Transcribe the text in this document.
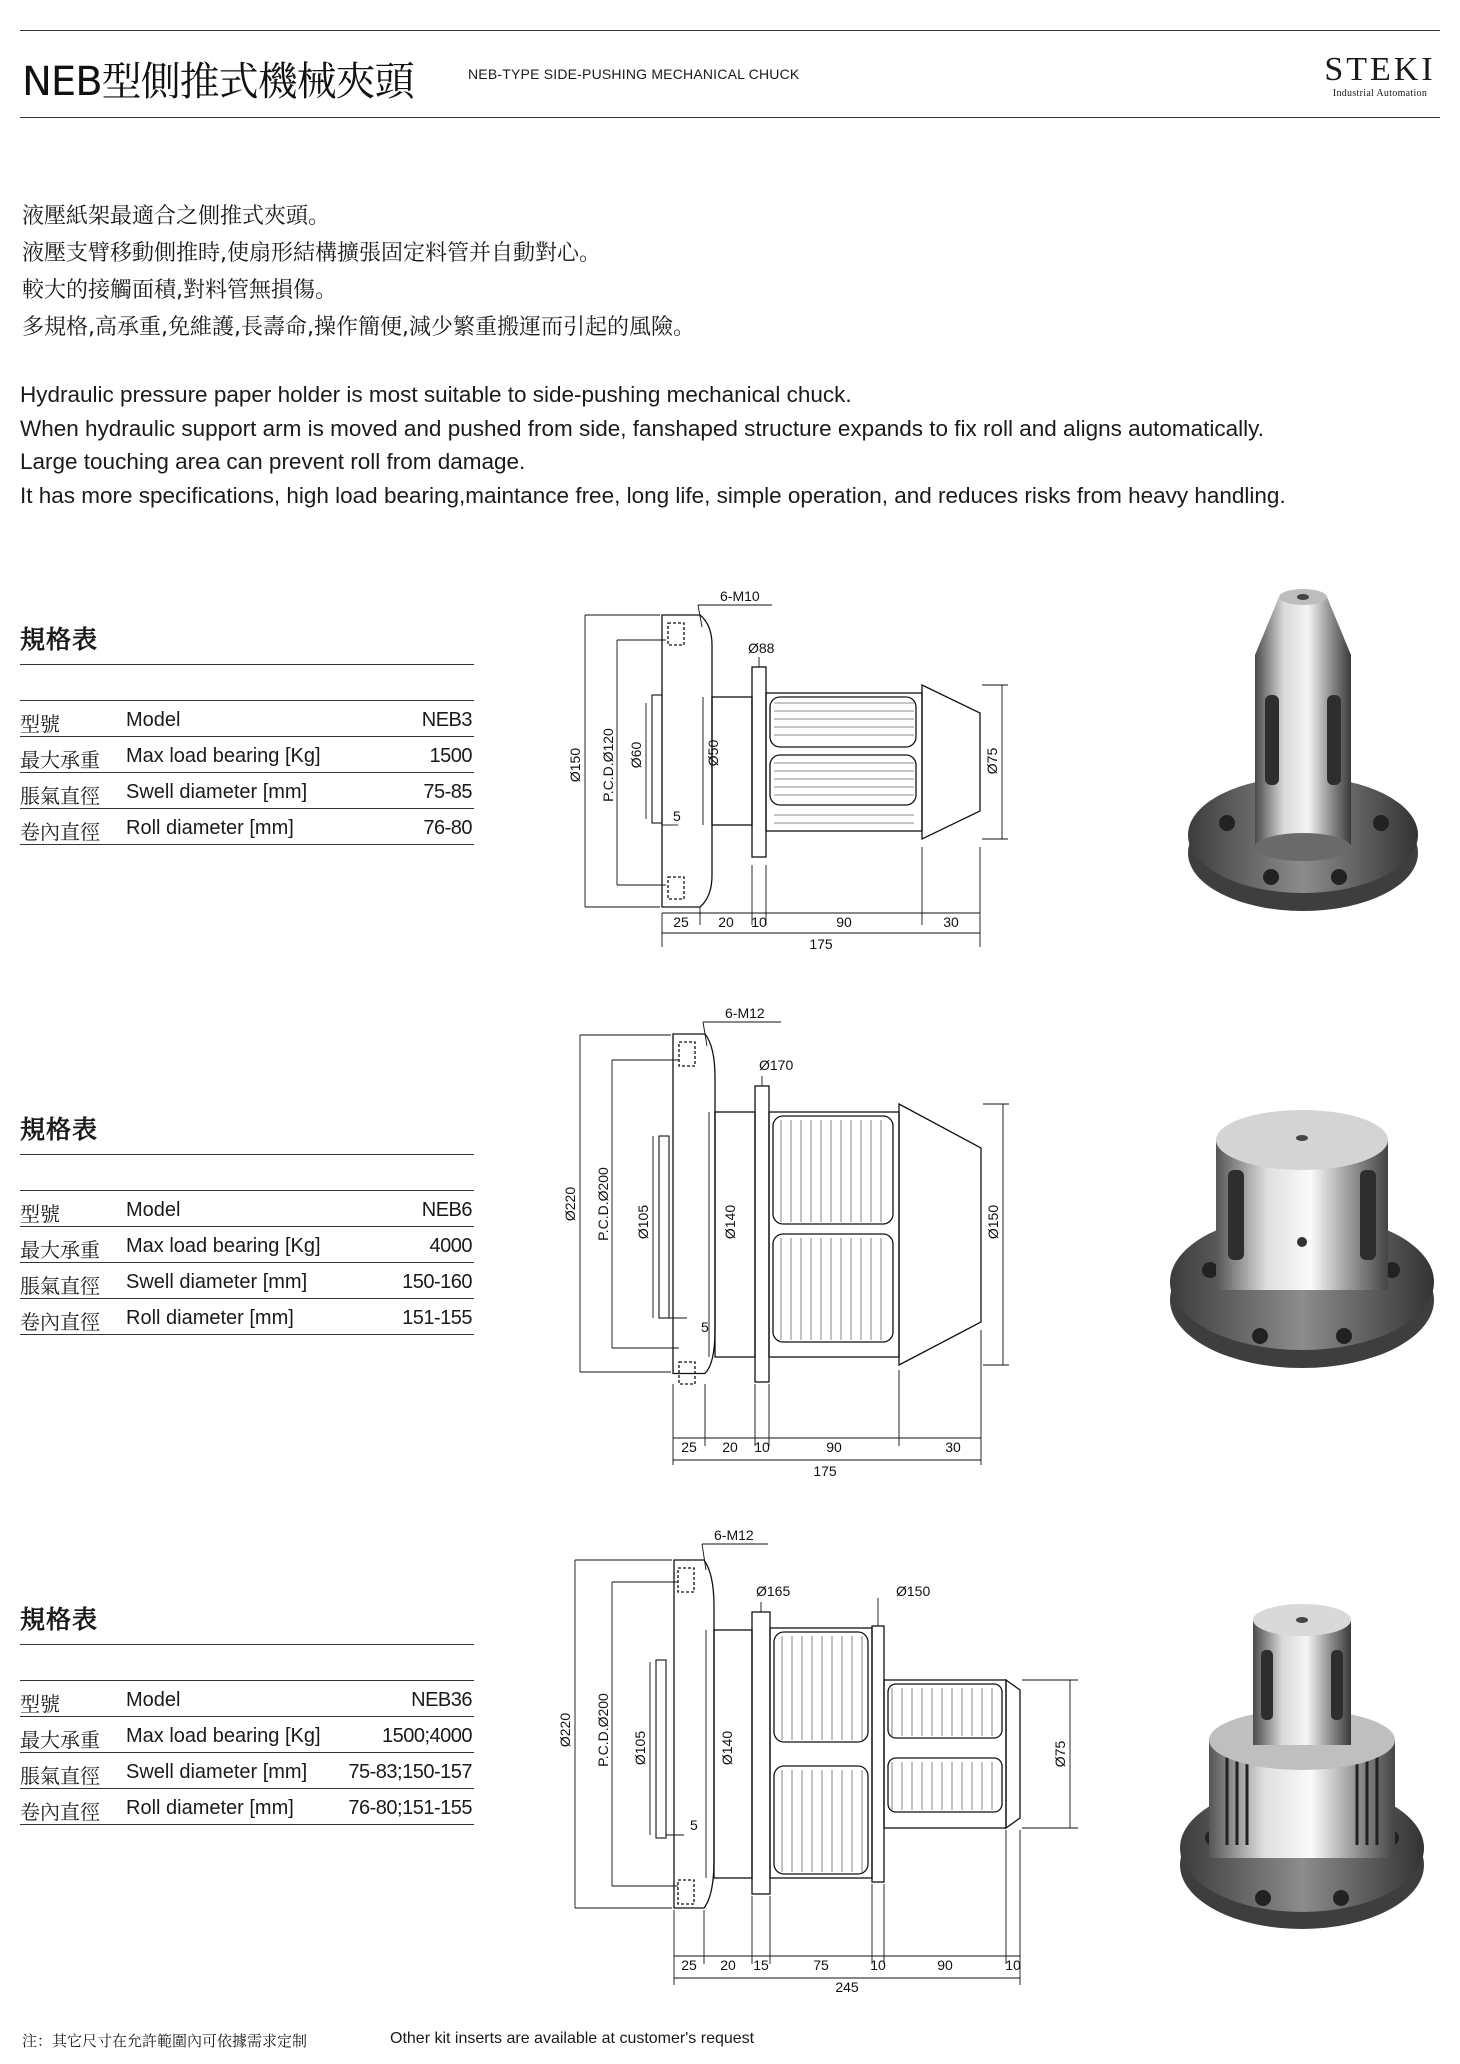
NEB型側推式機械夾頭	NEB-TYPE SIDE-PUSHING MECHANICAL CHUCK	STEKI
Industrial Automation
液壓紙架最適合之側推式夾頭。
液壓支臂移動側推時,使扇形結構擴張固定料管并自動對心。
較大的接觸面積,對料管無損傷。
多規格,高承重,免維護,長壽命,操作簡便,減少繁重搬運而引起的風險。
Hydraulic pressure paper holder is most suitable to side-pushing mechanical chuck.
When hydraulic support arm is moved and pushed from side, fanshaped structure expands to fix roll and aligns automatically.
Large touching area can prevent roll from damage.
It has more specifications, high load bearing,maintance free, long life, simple operation, and reduces risks from heavy handling.
規格表
型號	Model	NEB3
最大承重 Max load bearing [Kg]	1500
脹氣直徑 Swell diameter [mm]	75-85
卷內直徑 Roll diameter [mm]	76-80
規格表
型號	Model	NEB6
最大承重 Max load bearing [Kg]	4000
脹氣直徑 Swell diameter [mm]	150-160
卷內直徑 Roll diameter [mm]	151-155
規格表
型號	Model	NEB36
最大承重 Max load bearing [Kg]	1500;4000
脹氣直徑 Swell diameter [mm] 75-83;150-157
卷內直徑 Roll diameter [mm]	76-80;151-155
Ø150 P.C.D.Ø120 Ø60	Ø50	Ø75
5
6-M10
Ø88
25 20 10	90	30
175
Ø220 P.C.D.Ø200 Ø105	Ø140	Ø150
5
6-M12
Ø170
25 20 10	90	30
175
Ø220 P.C.D.Ø200 Ø105	Ø140	Ø75
5
6-M12
Ø165	Ø150
25 20 15	75	10	90	10
245
注：其它尺寸在允許範圍內可依據需求定制	Other kit inserts are available at customer's request
